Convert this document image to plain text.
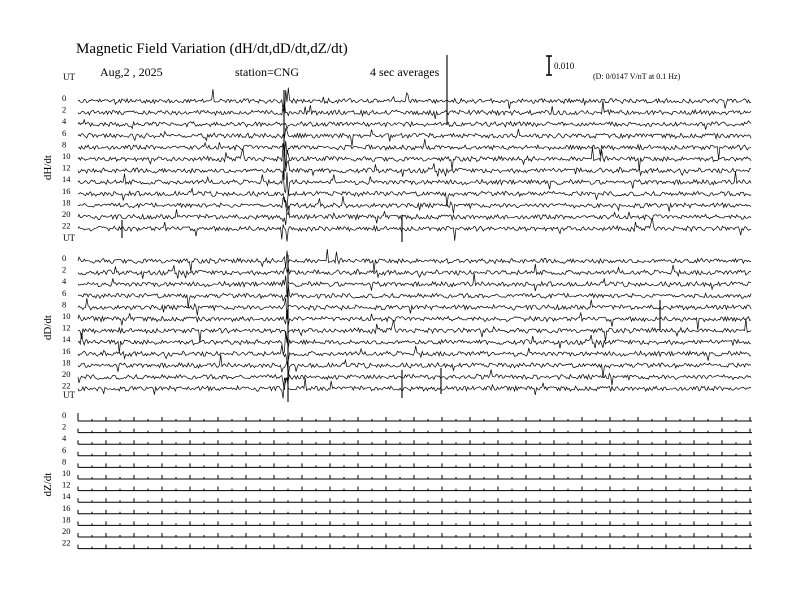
Magnetic Field Variation (dH/dt,dD/dt,dZ/dt)
Aug,2 , 2025	station=CNG	4 sec averages	0.010
(D: 0/0147 V/nT at 0.1 Hz)
UT
dH/dt
0
2
4
6
8
10
12
14
16
18
20
22
UT
dD/dt
0
2
4
6
8
10
12
14
16
18
20
22
UT
dZ/dt
0
2
4
6
8
10
12
14
16
18
20
22
